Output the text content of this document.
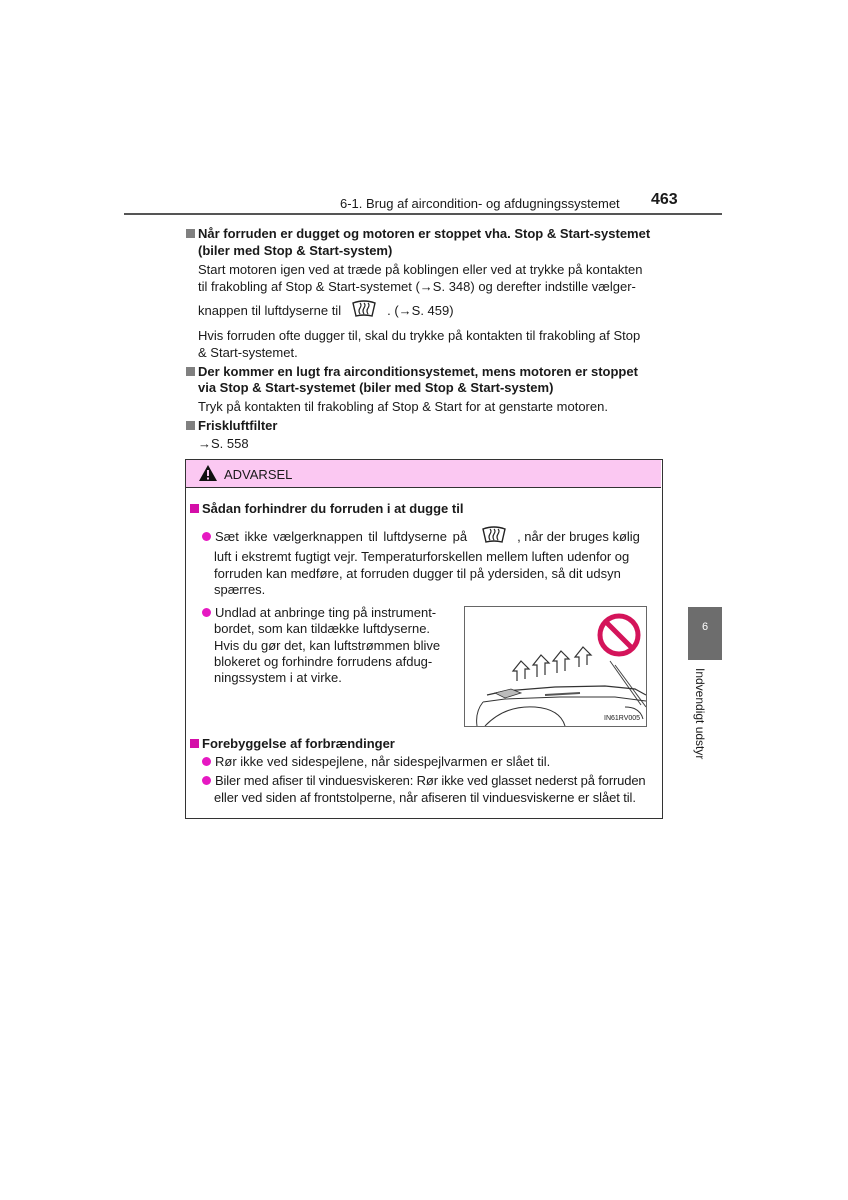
6-1. Brug af aircondition- og afdugningssystemet 463
Når forruden er dugget og motoren er stoppet vha. Stop & Start-systemet
(biler med Stop & Start-system)
Start motoren igen ved at træde på koblingen eller ved at trykke på kontakten
til frakobling af Stop & Start-systemet (→S. 348) og derefter indstille vælger-
knappen til luftdyserne til	. (→S. 459)
Hvis forruden ofte dugger til, skal du trykke på kontakten til frakobling af Stop
& Start-systemet.
Der kommer en lugt fra airconditionsystemet, mens motoren er stoppet
via Stop & Start-systemet (biler med Stop & Start-system)
Tryk på kontakten til frakobling af Stop & Start for at genstarte motoren.
Friskluftfilter
→S. 558
ADVARSEL
Sådan forhindrer du forruden i at dugge til
Sæt ikke vælgerknappen til luftdyserne på	, når der bruges kølig
luft i ekstremt fugtigt vejr. Temperaturforskellen mellem luften udenfor og
forruden kan medføre, at forruden dugger til på ydersiden, så dit udsyn
spærres.
Undlad at anbringe ting på instrument-
bordet, som kan tildække luftdyserne.
Hvis du gør det, kan luftstrømmen blive
blokeret og forhindre forrudens afdug-
ningssystem i at virke.
IN61RV005
Forebyggelse af forbrændinger
Rør ikke ved sidespejlene, når sidespejlvarmen er slået til.
Biler med afiser til vinduesviskeren: Rør ikke ved glasset nederst på forruden
eller ved siden af frontstolperne, når afiseren til vinduesviskerne er slået til.
6
Indvendigt udstyr
